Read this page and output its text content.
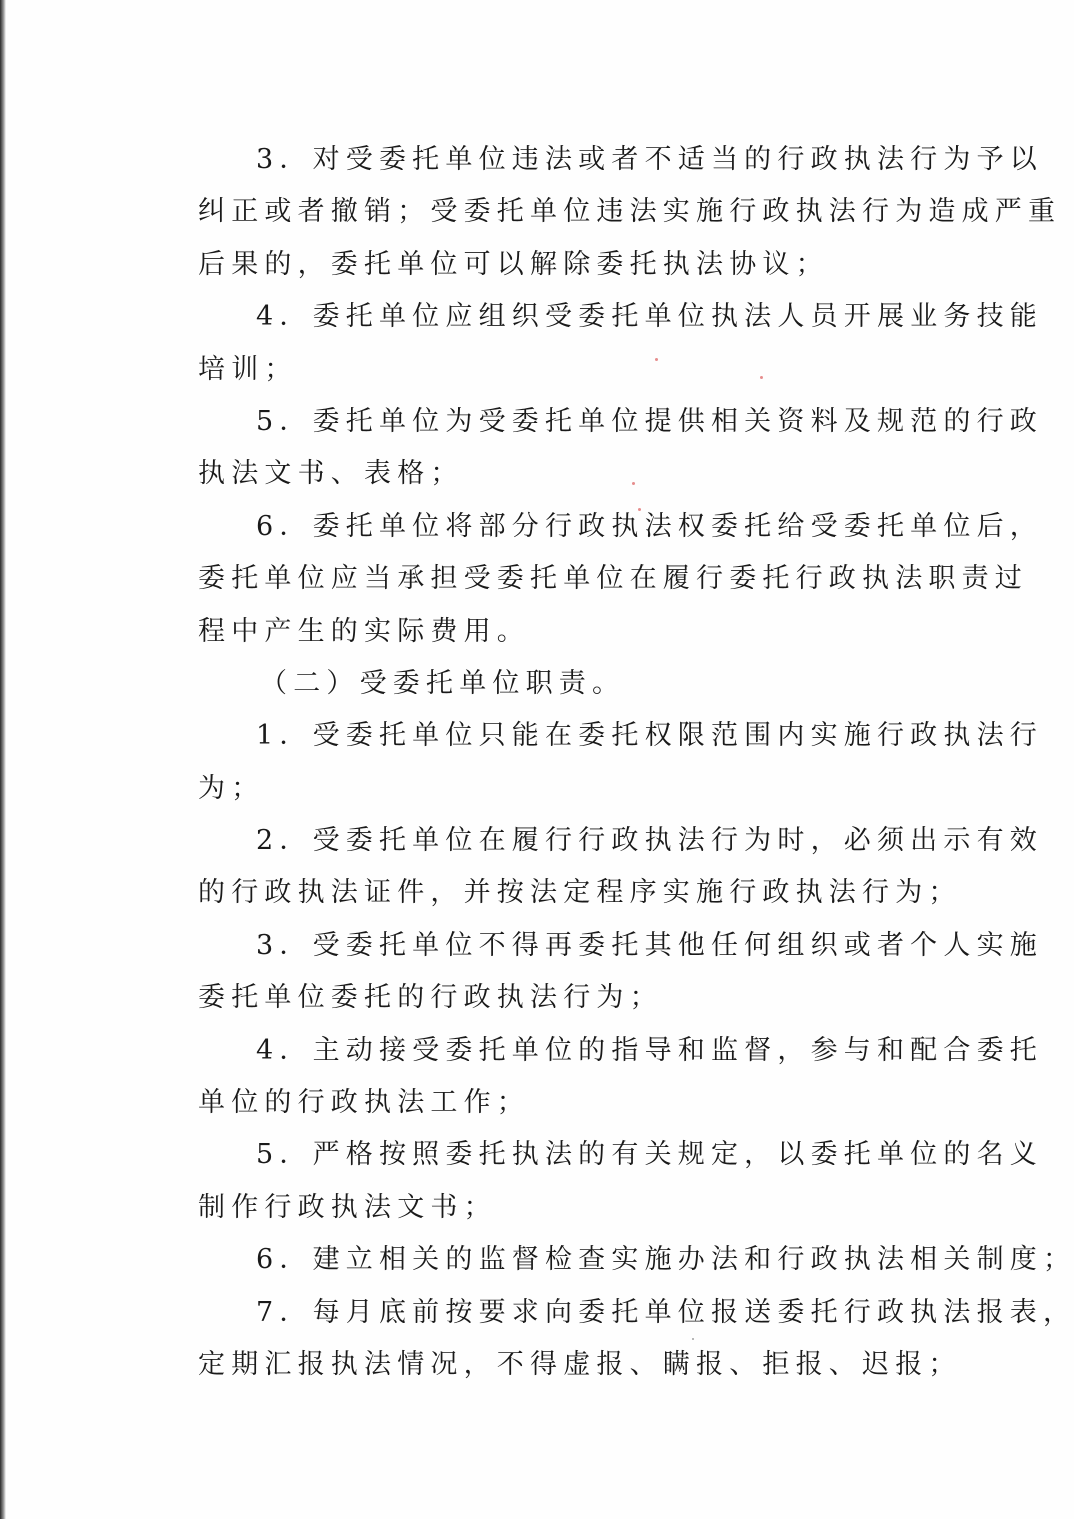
3．对受委托单位违法或者不适当的行政执法行为予以
纠正或者撤销；受委托单位违法实施行政执法行为造成严重
后果的，委托单位可以解除委托执法协议；
4．委托单位应组织受委托单位执法人员开展业务技能
培训；
5．委托单位为受委托单位提供相关资料及规范的行政
执法文书、表格；
6．委托单位将部分行政执法权委托给受委托单位后，
委托单位应当承担受委托单位在履行委托行政执法职责过
程中产生的实际费用。
（二）受委托单位职责。
1．受委托单位只能在委托权限范围内实施行政执法行
为；
2．受委托单位在履行行政执法行为时，必须出示有效
的行政执法证件，并按法定程序实施行政执法行为；
3．受委托单位不得再委托其他任何组织或者个人实施
委托单位委托的行政执法行为；
4．主动接受委托单位的指导和监督，参与和配合委托
单位的行政执法工作；
5．严格按照委托执法的有关规定，以委托单位的名义
制作行政执法文书；
6．建立相关的监督检查实施办法和行政执法相关制度；
7．每月底前按要求向委托单位报送委托行政执法报表，
定期汇报执法情况，不得虚报、瞒报、拒报、迟报；
